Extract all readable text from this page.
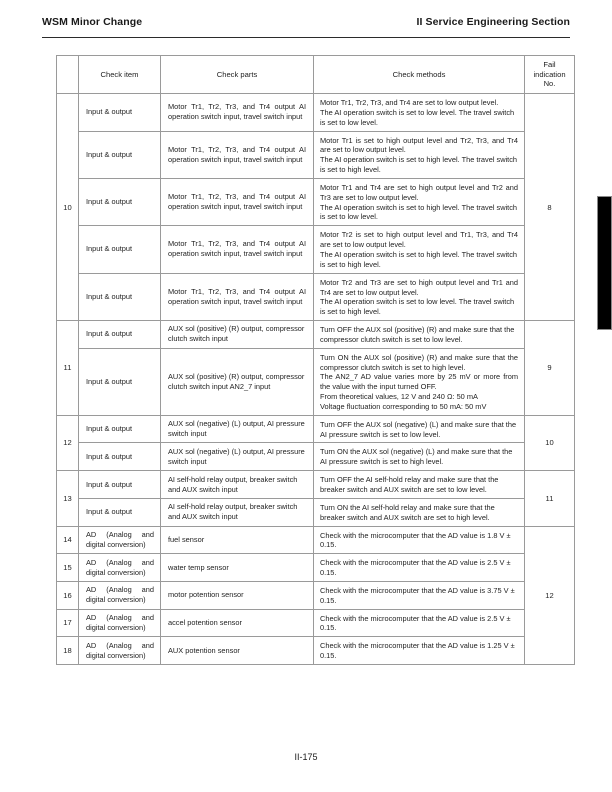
WSM Minor Change	II Service Engineering Section
	Check item	Check parts	Check methods	Fail
indication
No.
10	Input & output	Motor Tr1, Tr2, Tr3, and Tr4 output AI operation switch input, travel switch input	Motor Tr1, Tr2, Tr3, and Tr4 are set to low output level.
The AI operation switch is set to low level. The travel switch is set to low level.	8
	Input & output	Motor Tr1, Tr2, Tr3, and Tr4 output AI operation switch input, travel switch input	Motor Tr1 is set to high output level and Tr2, Tr3, and Tr4 are set to low output level.
The AI operation switch is set to high level. The travel switch is set to high level.	

	Input & output	Motor Tr1, Tr2, Tr3, and Tr4 output AI operation switch input, travel switch input	Motor Tr1 and Tr4 are set to high output level and Tr2 and Tr3 are set to low output level.
The AI operation switch is set to high level. The travel switch is set to low level.	

	Input & output	Motor Tr1, Tr2, Tr3, and Tr4 output AI operation switch input, travel switch input	Motor Tr2 is set to high output level and Tr1, Tr3, and Tr4 are set to low output level.
The AI operation switch is set to high level. The travel switch is set to high level.	

	Input & output	Motor Tr1, Tr2, Tr3, and Tr4 output AI operation switch input, travel switch input	Motor Tr2 and Tr3 are set to high output level and Tr1 and Tr4 are set to low output level.
The AI operation switch is set to low level. The travel switch is set to high level.	

11	Input & output	AUX sol (positive) (R) output, compressor clutch switch input	Turn OFF the AUX sol (positive) (R) and make sure that the compressor clutch switch is set to low level.	9
	Input & output	AUX sol (positive) (R) output, compressor clutch switch input AN2_7 input	Turn ON the AUX sol (positive) (R) and make sure that the compressor clutch switch is set to high level.
The AN2_7 AD value varies more by 25 mV or more from the value with the input turned OFF.
From theoretical values, 12 V and 240 Ω: 50 mA
Voltage fluctuation corresponding to 50 mA: 50 mV	

12	Input & output	AUX sol (negative) (L) output, AI pressure switch input	Turn OFF the AUX sol (negative) (L) and make sure that the AI pressure switch is set to low level.	10
	Input & output	AUX sol (negative) (L) output, AI pressure switch input	Turn ON the AUX sol (negative) (L) and make sure that the AI pressure switch is set to high level.	

13	Input & output	AI self-hold relay output, breaker switch and AUX switch input	Turn OFF the AI self-hold relay and make sure that the breaker switch and AUX switch are set to low level.	11
	Input & output	AI self-hold relay output, breaker switch and AUX switch input	Turn ON the AI self-hold relay and make sure that the breaker switch and AUX switch are set to high level.	

14	AD (Analog and digital conversion)	fuel sensor	Check with the microcomputer that the AD value is 1.8 V ± 0.15.	12
15	AD (Analog and digital conversion)	water temp sensor	Check with the microcomputer that the AD value is 2.5 V ± 0.15.	

16	AD (Analog and digital conversion)	motor potention sensor	Check with the microcomputer that the AD value is 3.75 V ± 0.15.	

17	AD (Analog and digital conversion)	accel potention sensor	Check with the microcomputer that the AD value is 2.5 V ± 0.15.	

18	AD (Analog and digital conversion)	AUX potention sensor	Check with the microcomputer that the AD value is 1.25 V ± 0.15.	
II-175
